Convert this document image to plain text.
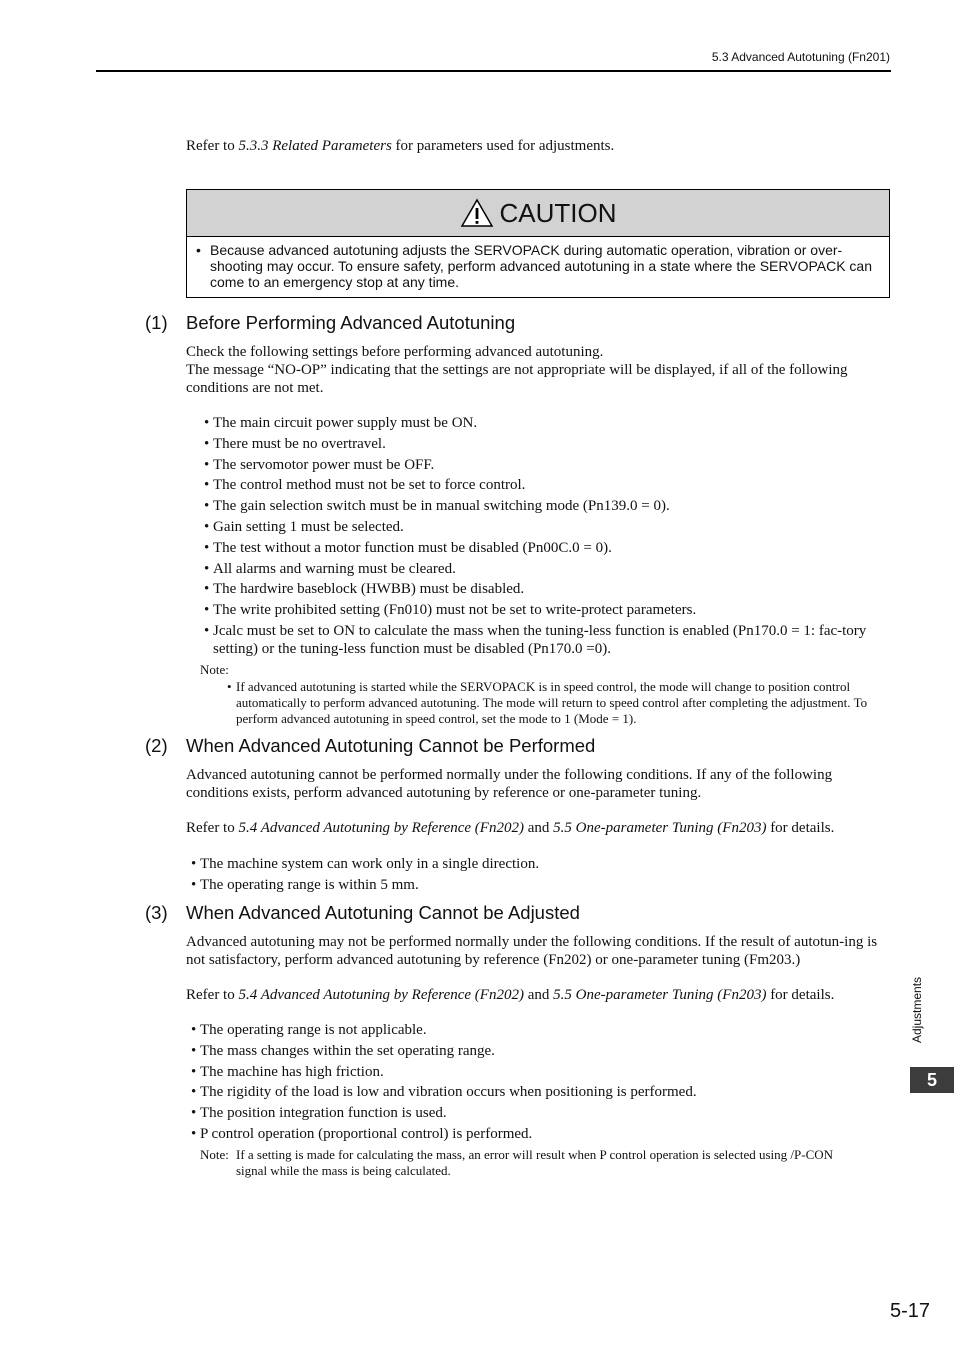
5.3 Advanced Autotuning (Fn201)
Refer to 5.3.3 Related Parameters for parameters used for adjustments.
CAUTION
• Because advanced autotuning adjusts the SERVOPACK during automatic operation, vibration or over-shooting may occur. To ensure safety, perform advanced autotuning in a state where the SERVOPACK can come to an emergency stop at any time.
(1) Before Performing Advanced Autotuning
Check the following settings before performing advanced autotuning.
The message “NO-OP” indicating that the settings are not appropriate will be displayed, if all of the following conditions are not met.
• The main circuit power supply must be ON.
• There must be no overtravel.
• The servomotor power must be OFF.
• The control method must not be set to force control.
• The gain selection switch must be in manual switching mode (Pn139.0 = 0).
• Gain setting 1 must be selected.
• The test without a motor function must be disabled (Pn00C.0 = 0).
• All alarms and warning must be cleared.
• The hardwire baseblock (HWBB) must be disabled.
• The write prohibited setting (Fn010) must not be set to write-protect parameters.
• Jcalc must be set to ON to calculate the mass when the tuning-less function is enabled (Pn170.0 = 1: fac-tory setting) or the tuning-less function must be disabled (Pn170.0 =0).
Note:
• If advanced autotuning is started while the SERVOPACK is in speed control, the mode will change to position control automatically to perform advanced autotuning. The mode will return to speed control after completing the adjustment. To perform advanced autotuning in speed control, set the mode to 1 (Mode = 1).
(2) When Advanced Autotuning Cannot be Performed
Advanced autotuning cannot be performed normally under the following conditions. If any of the following conditions exists, perform advanced autotuning by reference or one-parameter tuning.
Refer to 5.4 Advanced Autotuning by Reference (Fn202) and 5.5 One-parameter Tuning (Fn203) for details.
• The machine system can work only in a single direction.
• The operating range is within 5 mm.
(3) When Advanced Autotuning Cannot be Adjusted
Advanced autotuning may not be performed normally under the following conditions. If the result of autotun-ing is not satisfactory, perform advanced autotuning by reference (Fn202) or one-parameter tuning (Fm203.)
Refer to 5.4 Advanced Autotuning by Reference (Fn202) and 5.5 One-parameter Tuning (Fn203) for details.
• The operating range is not applicable.
• The mass changes within the set operating range.
• The machine has high friction.
• The rigidity of the load is low and vibration occurs when positioning is performed.
• The position integration function is used.
• P control operation (proportional control) is performed.
Note: If a setting is made for calculating the mass, an error will result when P control operation is selected using /P-CON signal while the mass is being calculated.
Adjustments
5
5-17
